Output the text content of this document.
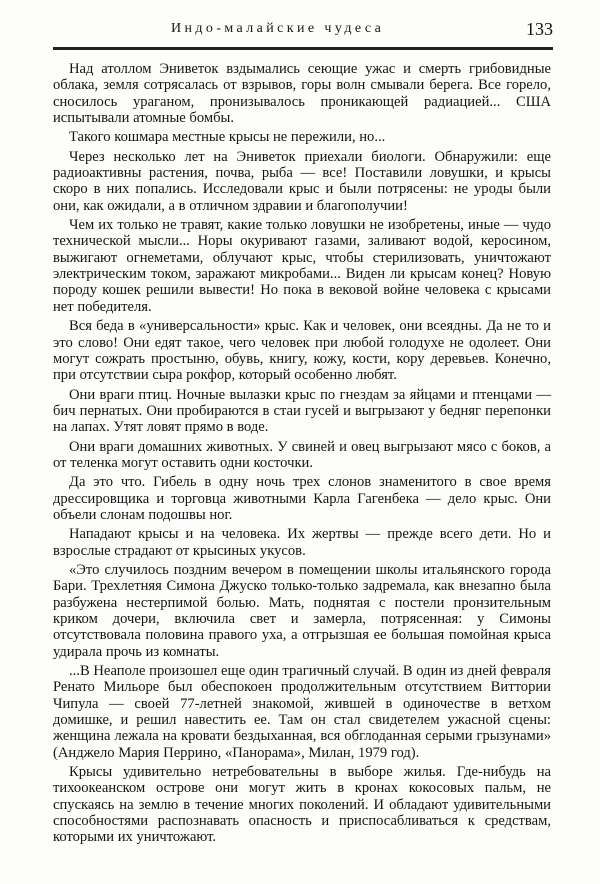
Индо-малайские чудеса	133

Над атоллом Эниветок вздымались сеющие ужас и смерть грибовидные облака, земля сотрясалась от взрывов, горы волн смывали берега. Все горело, сносилось ураганом, пронизывалось проникающей радиацией... США испытывали атомные бомбы.

Такого кошмара местные крысы не пережили, но...

Через несколько лет на Эниветок приехали биологи. Обнаружили: еще радиоактивны растения, почва, рыба — все! Поставили ловушки, и крысы скоро в них попались. Исследовали крыс и были потрясены: не уроды были они, как ожидали, а в отличном здравии и благополучии!

Чем их только не травят, какие только ловушки не изобретены, иные — чудо технической мысли... Норы окуривают газами, заливают водой, керосином, выжигают огнеметами, облучают крыс, чтобы стерилизовать, уничтожают электрическим током, заражают микробами... Виден ли крысам конец? Новую породу кошек решили вывести! Но пока в вековой войне человека с крысами нет победителя.

Вся беда в «универсальности» крыс. Как и человек, они всеядны. Да не то и это слово! Они едят такое, чего человек при любой голодухе не одолеет. Они могут сожрать простыню, обувь, книгу, кожу, кости, кору деревьев. Конечно, при отсутствии сыра рокфор, который особенно любят.

Они враги птиц. Ночные вылазки крыс по гнездам за яйцами и птенцами — бич пернатых. Они пробираются в стаи гусей и выгрызают у бедняг перепонки на лапах. Утят ловят прямо в воде.

Они враги домашних животных. У свиней и овец выгрызают мясо с боков, а от теленка могут оставить одни косточки.

Да это что. Гибель в одну ночь трех слонов знаменитого в свое время дрессировщика и торговца животными Карла Гагенбека — дело крыс. Они объели слонам подошвы ног.

Нападают крысы и на человека. Их жертвы — прежде всего дети. Но и взрослые страдают от крысиных укусов.

«Это случилось поздним вечером в помещении школы итальянского города Бари. Трехлетняя Симона Джуско только-только задремала, как внезапно была разбужена нестерпимой болью. Мать, поднятая с постели пронзительным криком дочери, включила свет и замерла, потрясенная: у Симоны отсутствовала половина правого уха, а отгрызшая ее большая помойная крыса удирала прочь из комнаты.

...В Неаполе произошел еще один трагичный случай. В один из дней февраля Ренато Мильоре был обеспокоен продолжительным отсутствием Виттории Чипула — своей 77-летней знакомой, жившей в одиночестве в ветхом домишке, и решил навестить ее. Там он стал свидетелем ужасной сцены: женщина лежала на кровати бездыханная, вся обглоданная серыми грызунами» (Анджело Мария Перрино, «Панорама», Милан, 1979 год).

Крысы удивительно нетребовательны в выборе жилья. Где-нибудь на тихоокеанском острове они могут жить в кронах кокосовых пальм, не спускаясь на землю в течение многих поколений. И обладают удивительными способностями распознавать опасность и приспосабливаться к средствам, которыми их уничтожают.
